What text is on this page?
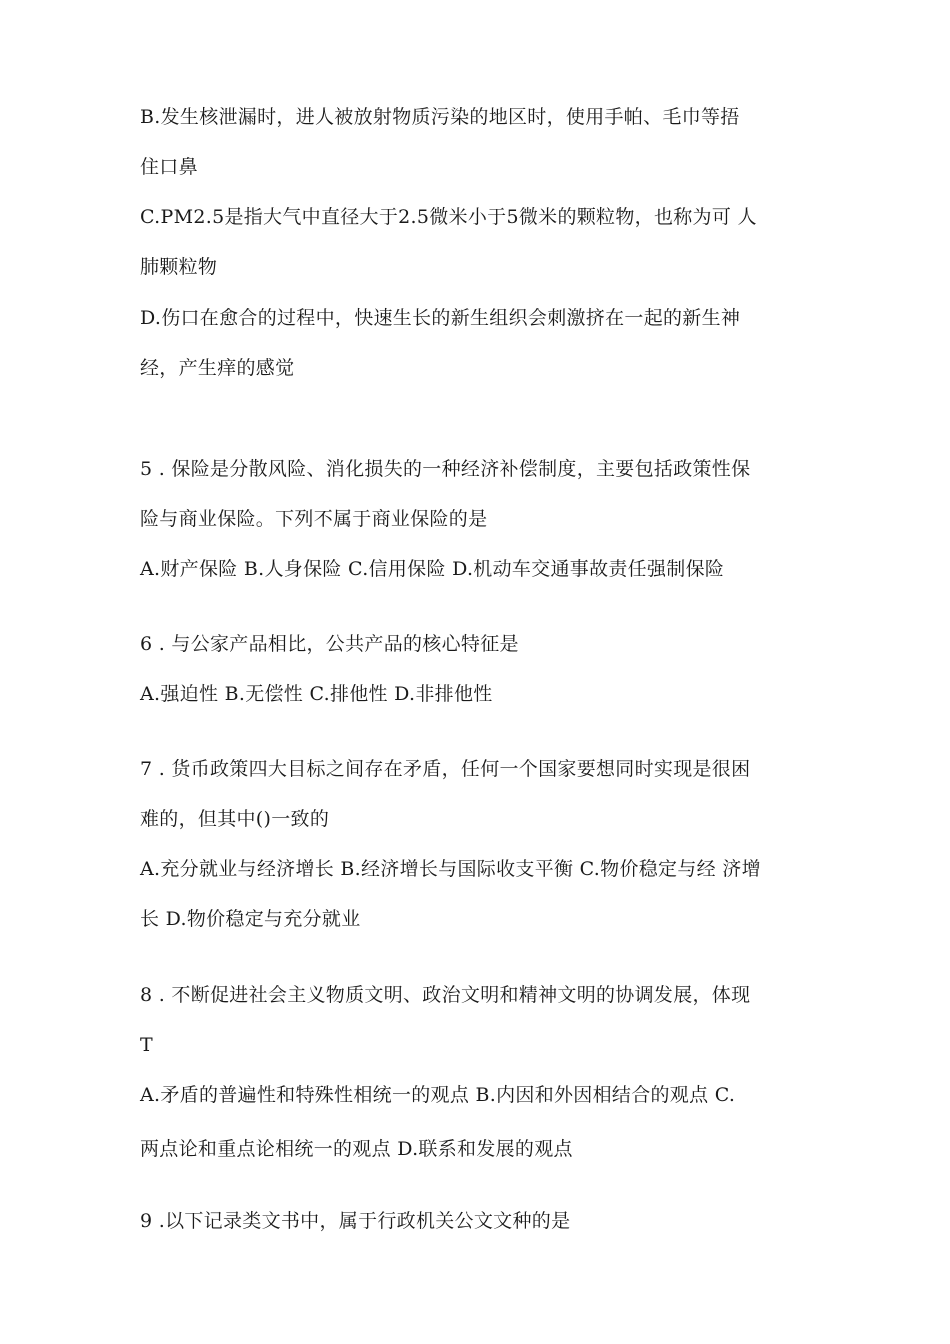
B.发生核泄漏时，进人被放射物质污染的地区时，使用手帕、毛巾等捂
住口鼻
C.PM2.5是指大气中直径大于2.5微米小于5微米的颗粒物，也称为可 人
肺颗粒物
D.伤口在愈合的过程中，快速生长的新生组织会刺激挤在一起的新生神
经，产生痒的感觉
5 . 保险是分散风险、消化损失的一种经济补偿制度，主要包括政策性保
险与商业保险。下列不属于商业保险的是
A.财产保险 B.人身保险 C.信用保险 D.机动车交通事故责任强制保险
6 . 与公家产品相比，公共产品的核心特征是
A.强迫性 B.无偿性 C.排他性 D.非排他性
7 . 货币政策四大目标之间存在矛盾，任何一个国家要想同时实现是很困
难的，但其中()一致的
A.充分就业与经济增长 B.经济增长与国际收支平衡 C.物价稳定与经 济增
长 D.物价稳定与充分就业
8 . 不断促进社会主义物质文明、政治文明和精神文明的协调发展，体现
T
A.矛盾的普遍性和特殊性相统一的观点 B.内因和外因相结合的观点 C.
两点论和重点论相统一的观点 D.联系和发展的观点
9 .以下记录类文书中，属于行政机关公文文种的是
